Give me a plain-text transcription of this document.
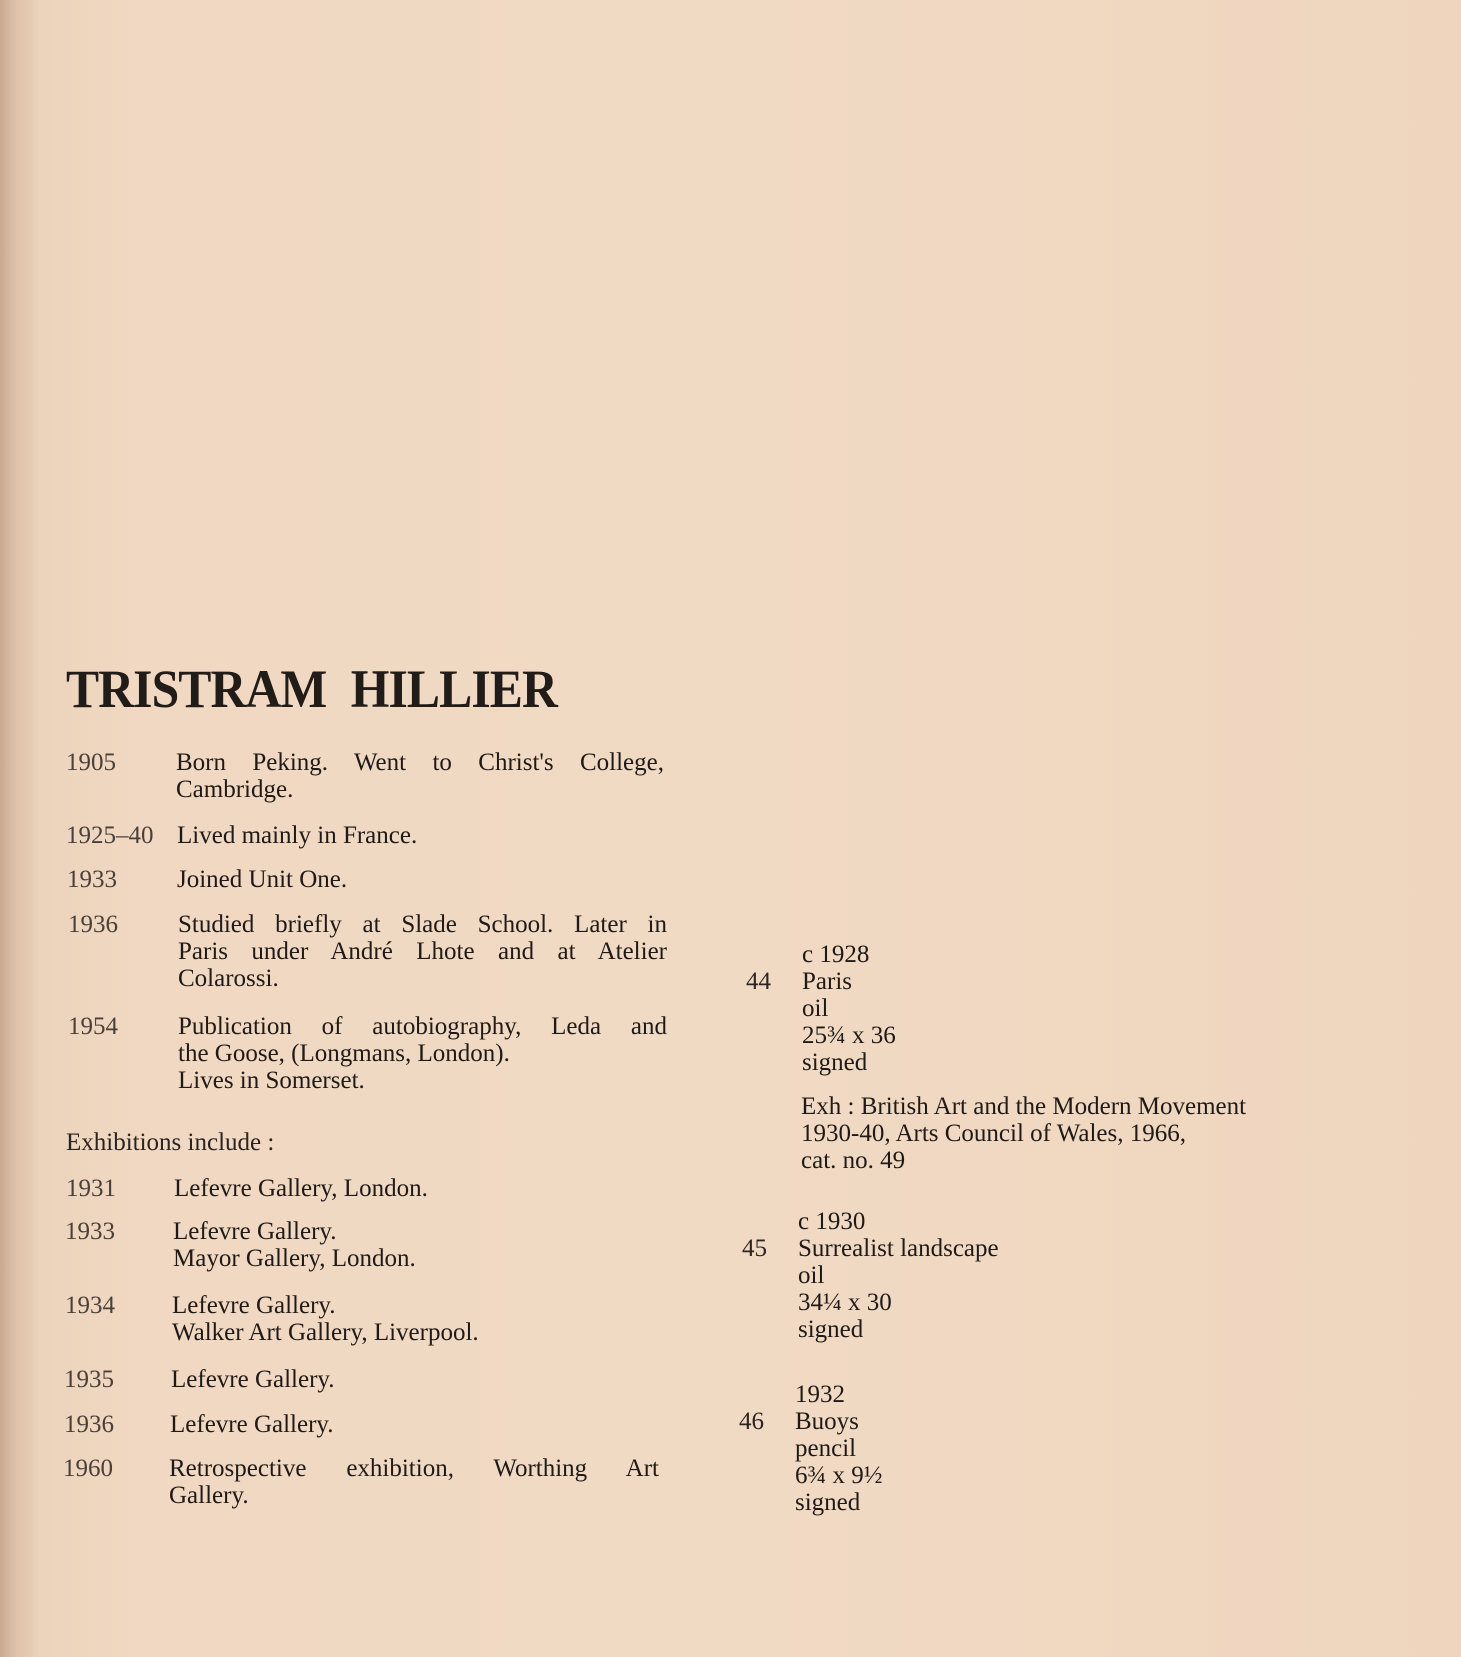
TRISTRAM HILLIER
1905 Born Peking. Went to Christ's College,
Cambridge.
1925–40 Lived mainly in France.
1933 Joined Unit One.
1936 Studied briefly at Slade School. Later in
Paris under André Lhote and at Atelier
Colarossi.
1954 Publication of autobiography, Leda and
the Goose, (Longmans, London).
Lives in Somerset.
Exhibitions include :
1931 Lefevre Gallery, London.
1933 Lefevre Gallery.
Mayor Gallery, London.
1934 Lefevre Gallery.
Walker Art Gallery, Liverpool.
1935 Lefevre Gallery.
1936 Lefevre Gallery.
1960 Retrospective exhibition, Worthing Art
Gallery.
44
c 1928
Paris
oil
25¾ x 36
signed
Exh : British Art and the Modern Movement
1930-40, Arts Council of Wales, 1966,
cat. no. 49
45
c 1930
Surrealist landscape
oil
34¼ x 30
signed
46
1932
Buoys
pencil
6¾ x 9½
signed
